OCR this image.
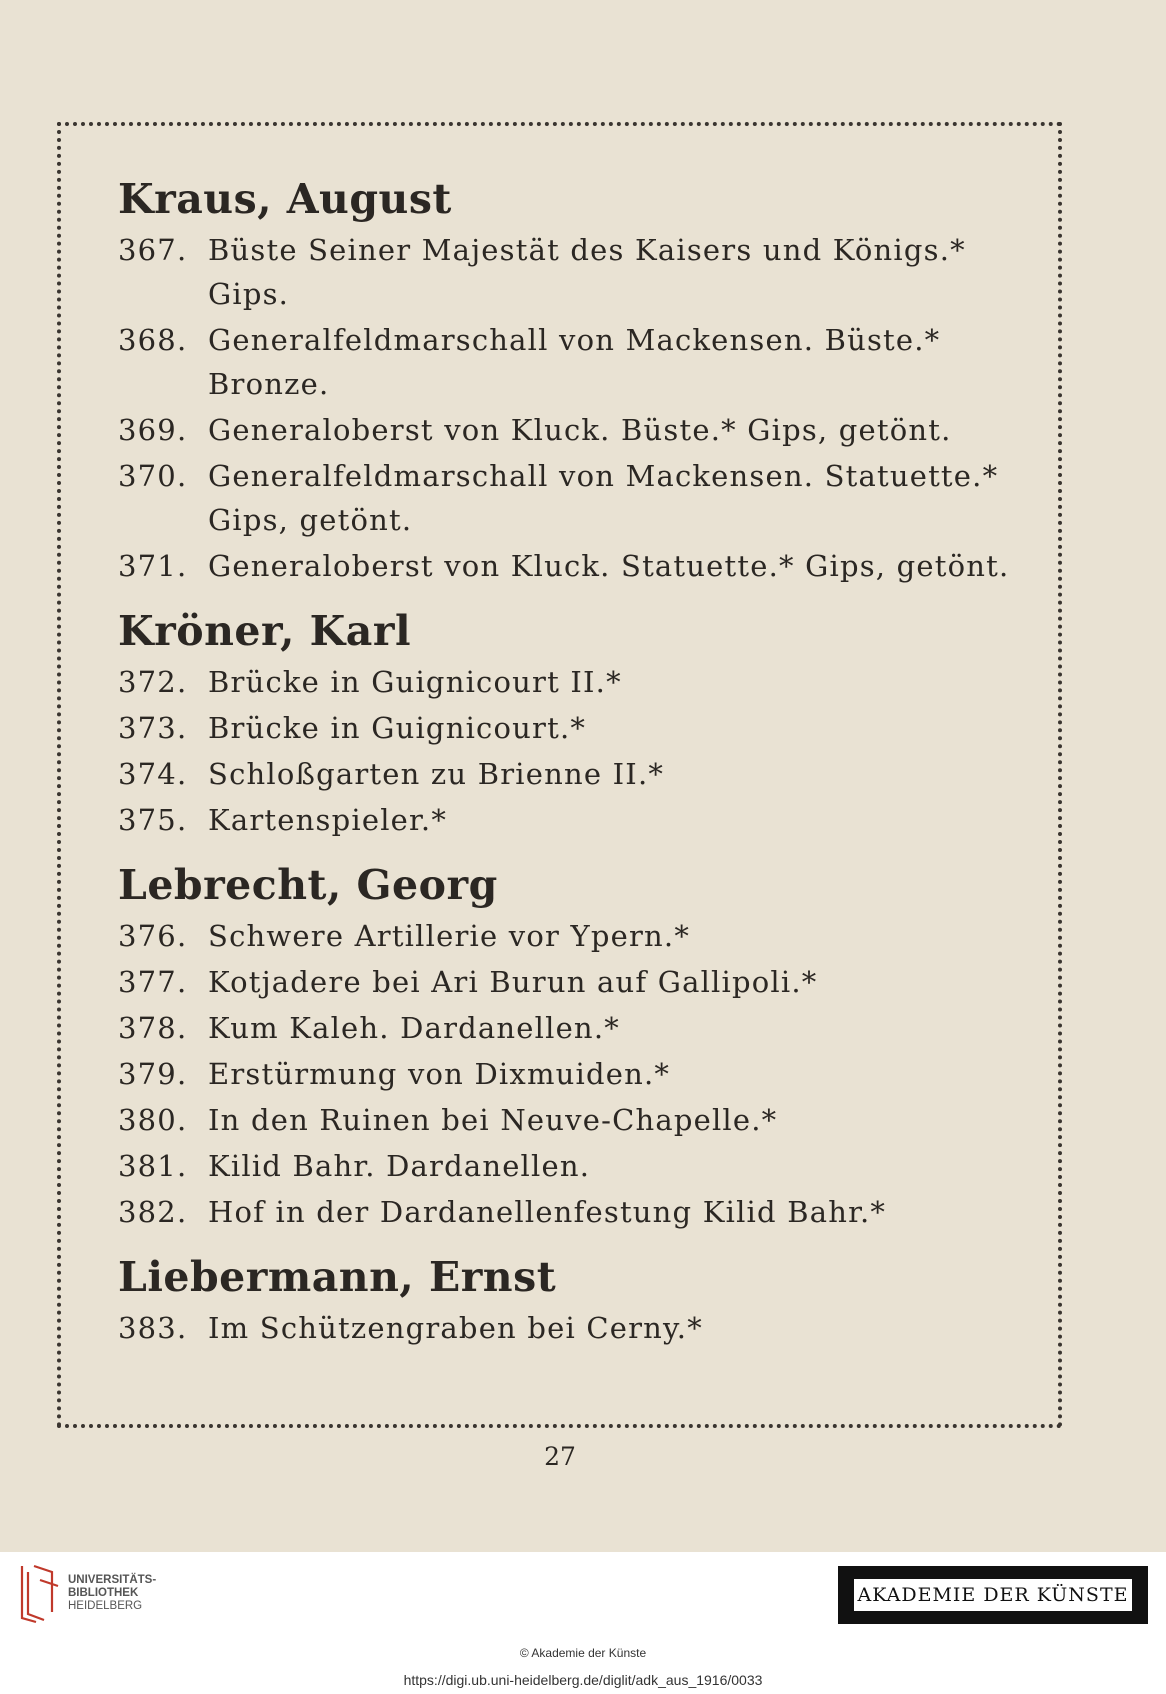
Kraus, August
367. Büste Seiner Majestät des Kaisers und Königs.* Gips.
368. Generalfeldmarschall von Mackensen. Büste.* Bronze.
369. Generaloberst von Kluck. Büste.* Gips, getönt.
370. Generalfeldmarschall von Mackensen. Statuette.* Gips, getönt.
371. Generaloberst von Kluck. Statuette.* Gips, getönt.
Kröner, Karl
372. Brücke in Guignicourt II.*
373. Brücke in Guignicourt.*
374. Schloßgarten zu Brienne II.*
375. Kartenspieler.*
Lebrecht, Georg
376. Schwere Artillerie vor Ypern.*
377. Kotjadere bei Ari Burun auf Gallipoli.*
378. Kum Kaleh. Dardanellen.*
379. Erstürmung von Dixmuiden.*
380. In den Ruinen bei Neuve-Chapelle.*
381. Kilid Bahr. Dardanellen.
382. Hof in der Dardanellenfestung Kilid Bahr.*
Liebermann, Ernst
383. Im Schützengraben bei Cerny.*
27
UNIVERSITÄTS-
BIBLIOTHEK
HEIDELBERG	AKADEMIE DER KÜNSTE
© Akademie der Künste
https://digi.ub.uni-heidelberg.de/diglit/adk_aus_1916/0033
